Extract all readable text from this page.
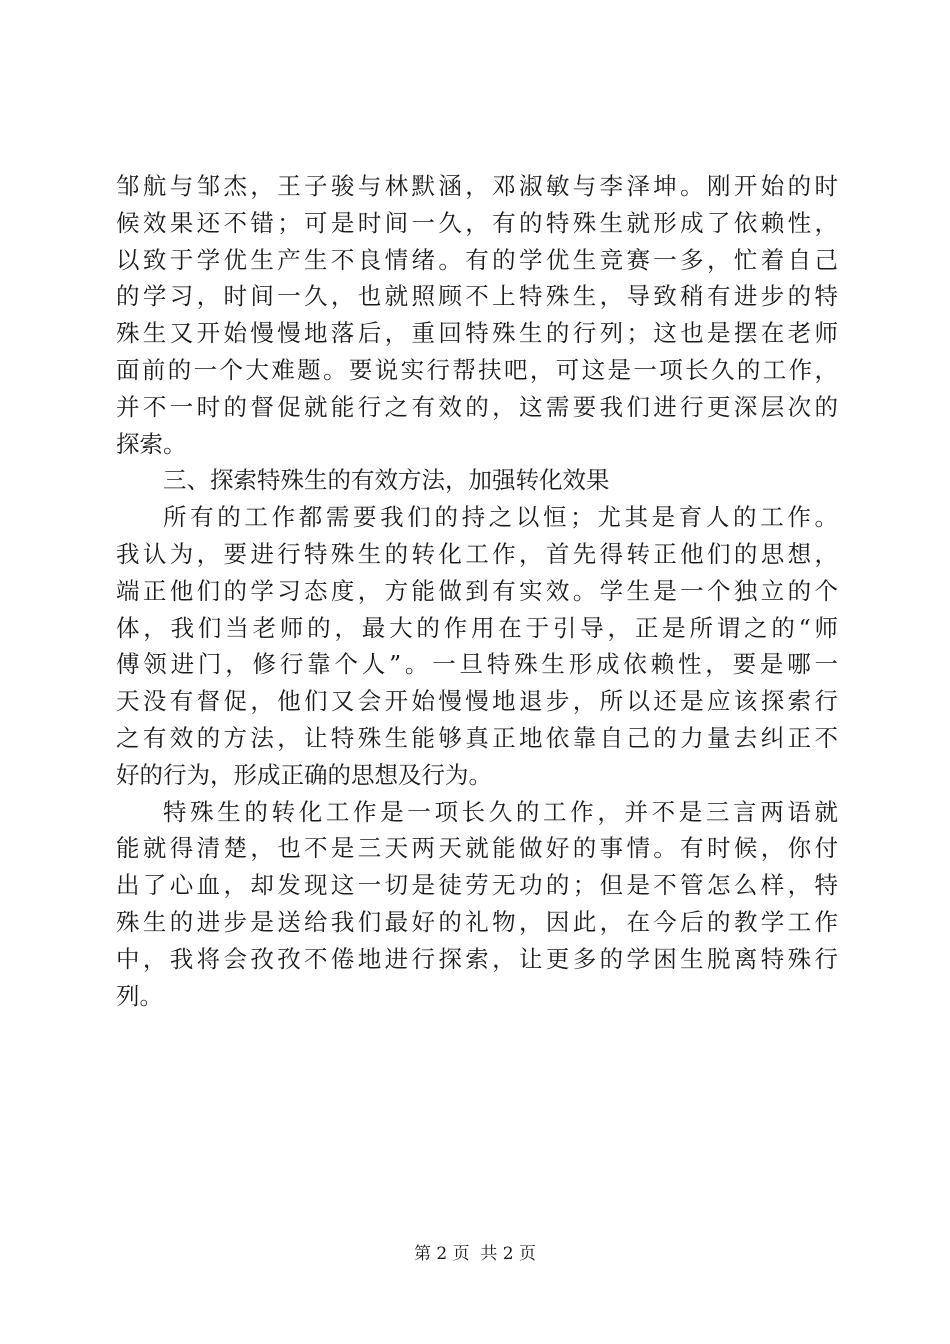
邹航与邹杰，王子骏与林默涵，邓淑敏与李泽坤。刚开始的时
候效果还不错；可是时间一久，有的特殊生就形成了依赖性，
以致于学优生产生不良情绪。有的学优生竞赛一多，忙着自己
的学习，时间一久，也就照顾不上特殊生，导致稍有进步的特
殊生又开始慢慢地落后，重回特殊生的行列；这也是摆在老师
面前的一个大难题。要说实行帮扶吧，可这是一项长久的工作，
并不一时的督促就能行之有效的，这需要我们进行更深层次的
探索。
三、探索特殊生的有效方法，加强转化效果
所有的工作都需要我们的持之以恒；尤其是育人的工作。
我认为，要进行特殊生的转化工作，首先得转正他们的思想，
端正他们的学习态度，方能做到有实效。学生是一个独立的个
体，我们当老师的，最大的作用在于引导，正是所谓之的“师
傅领进门，修行靠个人”。一旦特殊生形成依赖性，要是哪一
天没有督促，他们又会开始慢慢地退步，所以还是应该探索行
之有效的方法，让特殊生能够真正地依靠自己的力量去纠正不
好的行为，形成正确的思想及行为。
特殊生的转化工作是一项长久的工作，并不是三言两语就
能就得清楚，也不是三天两天就能做好的事情。有时候，你付
出了心血，却发现这一切是徒劳无功的；但是不管怎么样，特
殊生的进步是送给我们最好的礼物，因此，在今后的教学工作
中，我将会孜孜不倦地进行探索，让更多的学困生脱离特殊行
列。
第 2 页  共 2 页
